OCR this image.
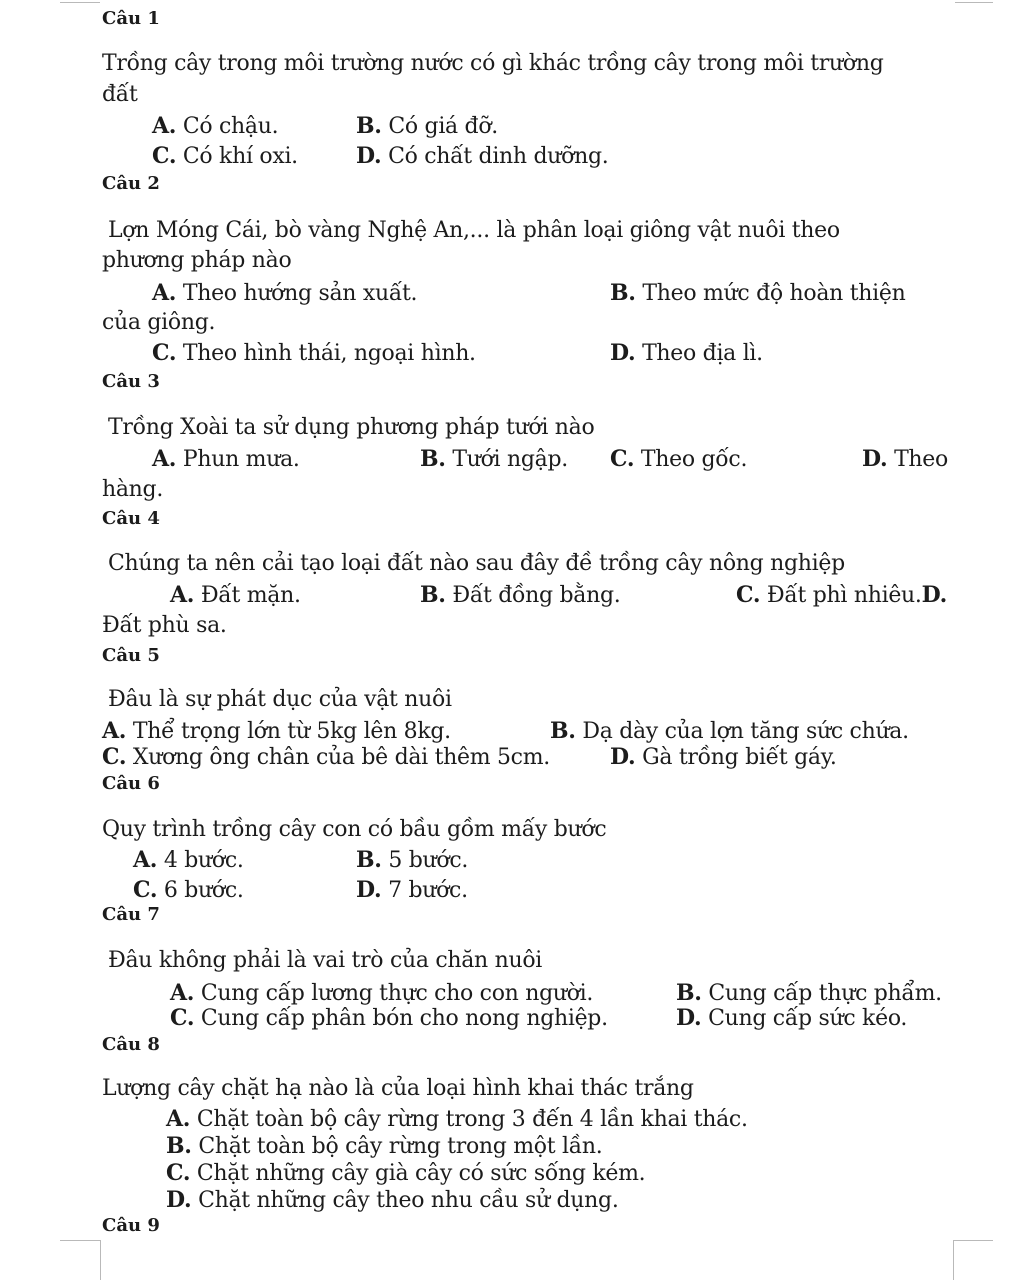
Câu 1
Trồng cây trong môi trường nước có gì khác trồng cây trong môi trường
đất
A. Có chậu.	B. Có giá đỡ.
C. Có khí oxi.	D. Có chất dinh dưỡng.
Câu 2
Lợn Móng Cái, bò vàng Nghệ An,... là phân loại giông vật nuôi theo
phương pháp nào
A. Theo hướng sản xuất.	B. Theo mức độ hoàn thiện
của giông.
C. Theo hình thái, ngoại hình.	D. Theo địa lì.
Câu 3
Trồng Xoài ta sử dụng phương pháp tưới nào
A. Phun mưa.	B. Tưới ngập. C. Theo gốc.	D. Theo
hàng.
Câu 4
Chúng ta nên cải tạo loại đất nào sau đây đề trồng cây nông nghiệp
A. Đất mặn.	B. Đất đồng bằng.	C. Đất phì nhiêu.D.
Đất phù sa.
Câu 5
Đâu là sự phát dục của vật nuôi
A. Thể trọng lớn từ 5kg lên 8kg.	B. Dạ dày của lợn tăng sức chứa.
C. Xương ông chân của bê dài thêm 5cm.	D. Gà trồng biết gáy.
Câu 6
Quy trình trồng cây con có bầu gồm mấy bước
A. 4 bước.	B. 5 bước.
C. 6 bước.	D. 7 bước.
Câu 7
Đâu không phải là vai trò của chăn nuôi
A. Cung cấp lương thực cho con người.	B. Cung cấp thực phẩm.
C. Cung cấp phân bón cho nong nghiệp.	D. Cung cấp sức kéo.
Câu 8
Lượng cây chặt hạ nào là của loại hình khai thác trắng
A. Chặt toàn bộ cây rừng trong 3 đến 4 lần khai thác.
B. Chặt toàn bộ cây rừng trong một lần.
C. Chặt những cây già cây có sức sống kém.
D. Chặt những cây theo nhu cầu sử dụng.
Câu 9
